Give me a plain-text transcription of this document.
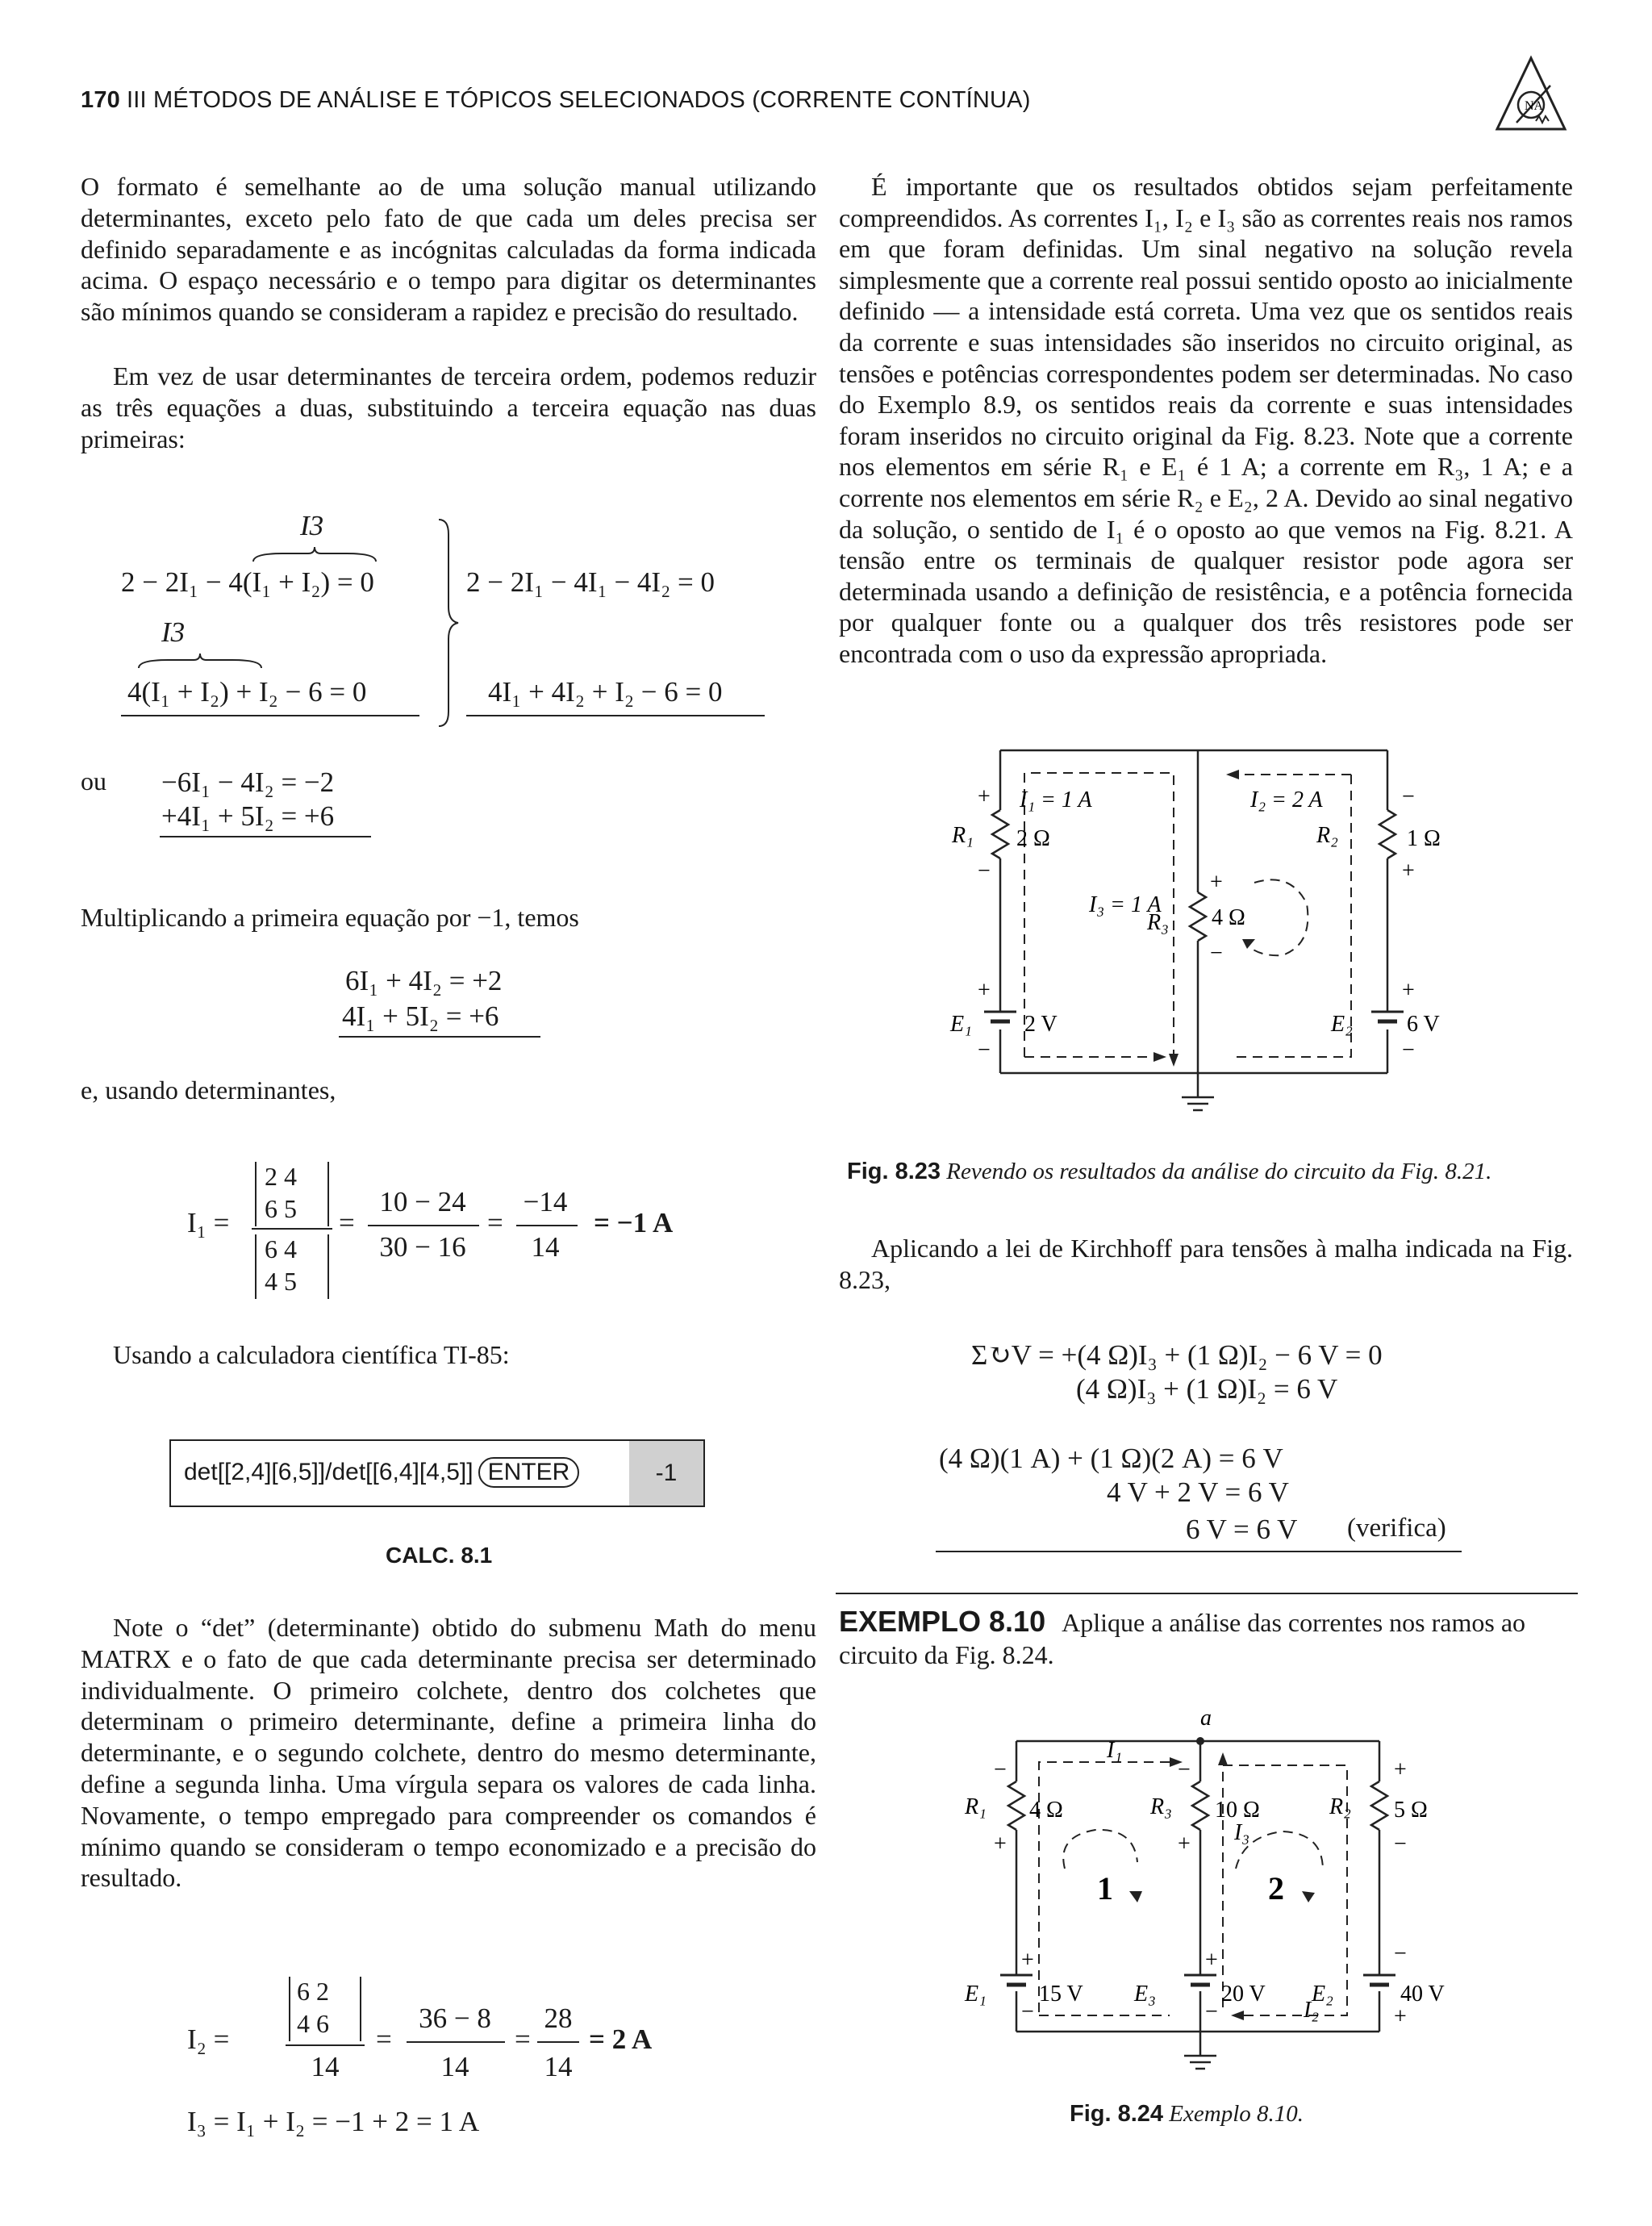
170 III MÉTODOS DE ANÁLISE E TÓPICOS SELECIONADOS (CORRENTE CONTÍNUA)	NA

O formato é semelhante ao de uma solução manual utilizando determinantes, exceto pelo fato de que cada um deles precisa ser definido separadamente e as incógnitas calculadas da forma indicada acima. O espaço necessário e o tempo para digitar os determinantes são mínimos quando se consideram a rapidez e precisão do resultado.

Em vez de usar determinantes de terceira ordem, podemos reduzir as três equações a duas, substituindo a terceira equação nas duas primeiras:

I3
2 − 2I₁ − 4(I₁ + I₂) = 0	2 − 2I₁ − 4I₁ − 4I₂ = 0
I3
4(I₁ + I₂) + I₂ − 6 = 0	4I₁ + 4I₂ + I₂ − 6 = 0
ou −6I₁ − 4I₂ = −2
+4I₁ + 5I₂ = +6
Multiplicando a primeira equação por −1, temos
6I₁ + 4I₂ = +2
4I₁ + 5I₂ = +6
e, usando determinantes,
I₁ =
2 4
6 5
6 4
4 5
=
10 − 24
30 − 16
=
−14
14
= −1 A
Usando a calculadora científica TI-85:
det[[2,4][6,5]]/det[[6,4][4,5]] ENTER	-1
CALC. 8.1

Note o “det” (determinante) obtido do submenu Math do menu MATRX e o fato de que cada determinante precisa ser determinado individualmente. O primeiro colchete, dentro dos colchetes que determinam o primeiro determinante, define a primeira linha do determinante, e o segundo colchete, dentro do mesmo determinante, define a segunda linha. Uma vírgula separa os valores de cada linha. Novamente, o tempo empregado para compreender os comandos é mínimo quando se consideram o tempo economizado e a precisão do resultado.

I₂ =
6 2
4 6
14
=
36 − 8
14
=
28
14
= 2 A
I₃ = I₁ + I₂ = −1 + 2 = 1 A

É importante que os resultados obtidos sejam perfeitamente compreendidos. As correntes I₁, I₂ e I₃ são as correntes reais nos ramos em que foram definidas. Um sinal negativo na solução revela simplesmente que a corrente real possui sentido oposto ao inicialmente definido — a intensidade está correta. Uma vez que os sentidos reais da corrente e suas intensidades são inseridos no circuito original, as tensões e potências correspondentes podem ser determinadas. No caso do Exemplo 8.9, os sentidos reais da corrente e suas intensidades foram inseridos no circuito original da Fig. 8.23. Note que a corrente nos elementos em série R₁ e E₁ é 1 A; a corrente em R₃, 1 A; e a corrente nos elementos em série R₂ e E₂, 2 A. Devido ao sinal negativo da solução, o sentido de I₁ é o oposto ao que vemos na Fig. 8.21. A tensão entre os terminais de qualquer resistor pode agora ser determinada usando a definição de resistência, e a potência fornecida por qualquer fonte ou a qualquer dos três resistores pode ser encontrada com o uso da expressão apropriada.

I₁ = 1 A	I₂ = 2 A
I₃ = 1 A
R₁ 2 Ω	R₂	1 Ω
R₃ 4 Ω
E₁ 2 V	E₂ 6 V
+
−
+
−
−
+
+
−
+
−
Fig. 8.23 Revendo os resultados da análise do circuito da Fig. 8.21.

Aplicando a lei de Kirchhoff para tensões à malha indicada na Fig. 8.23,

Σ↻V = +(4 Ω)I₃ + (1 Ω)I₂ − 6 V = 0
(4 Ω)I₃ + (1 Ω)I₂ = 6 V
(4 Ω)(1 A) + (1 Ω)(2 A) = 6 V
4 V + 2 V = 6 V
6 V = 6 V (verifica)
EXEMPLO 8.10 Aplique a análise das correntes nos ramos ao circuito da Fig. 8.24.
a
I₁
I₃
I₂
1	2
R₁ 4 Ω	R₃ 10 Ω	R₂ 5 Ω
E₁ 15 V E₃	20 V E₂	40 V
−
+
−
+
+
−
+
−
+
−
−
+
Fig. 8.24 Exemplo 8.10.
